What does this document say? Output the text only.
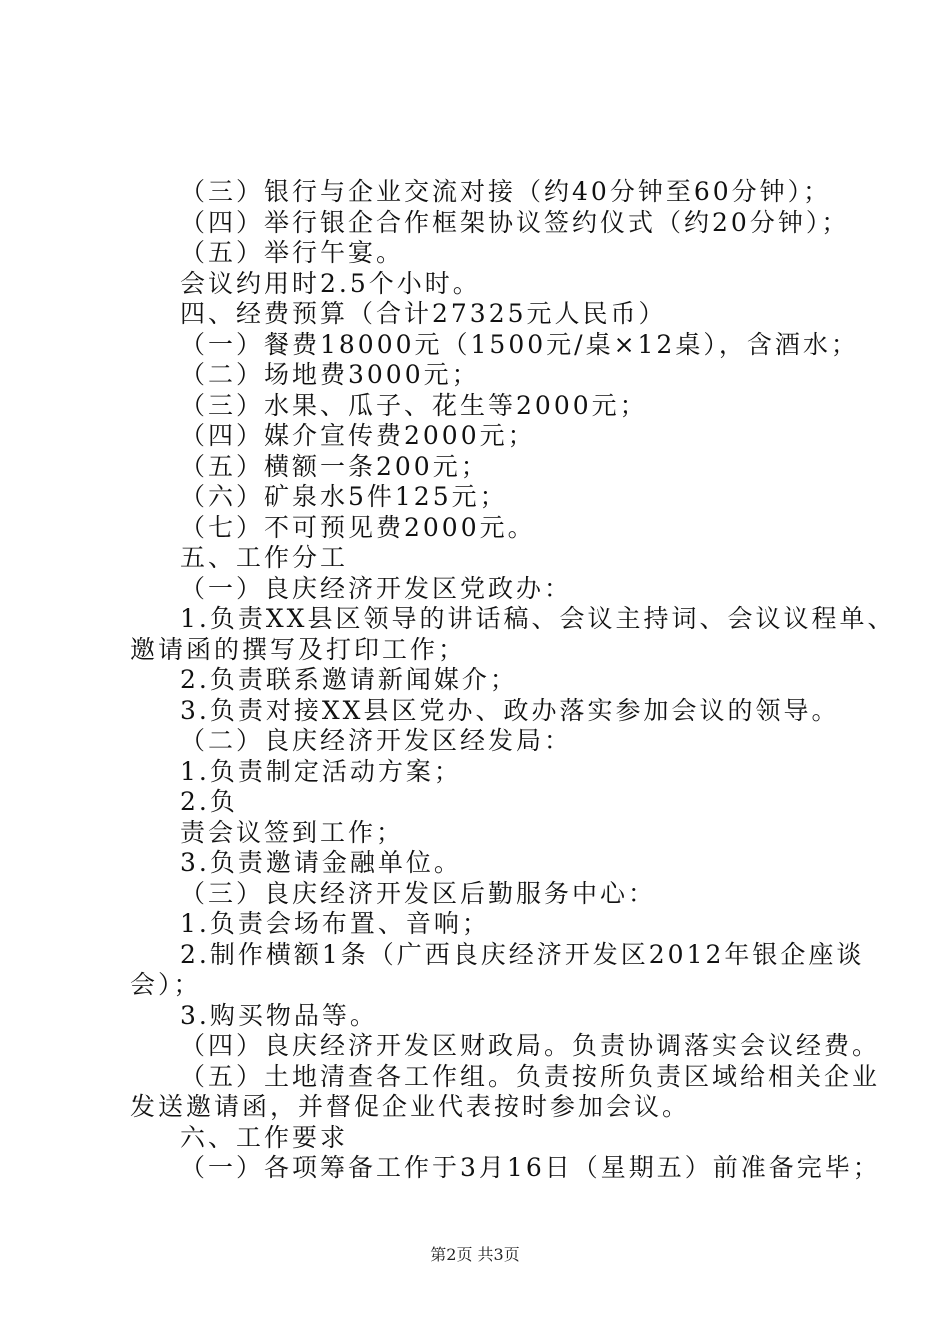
（三）银行与企业交流对接（约40分钟至60分钟）；
（四）举行银企合作框架协议签约仪式（约20分钟）；
（五）举行午宴。
会议约用时2.5个小时。
四、经费预算（合计27325元人民币）
（一）餐费18000元（1500元/桌×12桌），含酒水；
（二）场地费3000元；
（三）水果、瓜子、花生等2000元；
（四）媒介宣传费2000元；
（五）横额一条200元；
（六）矿泉水5件125元；
（七）不可预见费2000元。
五、工作分工
（一）良庆经济开发区党政办：
1.负责XX县区领导的讲话稿、会议主持词、会议议程单、
邀请函的撰写及打印工作；
2.负责联系邀请新闻媒介；
3.负责对接XX县区党办、政办落实参加会议的领导。
（二）良庆经济开发区经发局：
1.负责制定活动方案；
2.负
责会议签到工作；
3.负责邀请金融单位。
（三）良庆经济开发区后勤服务中心：
1.负责会场布置、音响；
2.制作横额1条（广西良庆经济开发区2012年银企座谈
会）；
3.购买物品等。
（四）良庆经济开发区财政局。负责协调落实会议经费。
（五）土地清查各工作组。负责按所负责区域给相关企业
发送邀请函，并督促企业代表按时参加会议。
六、工作要求
（一）各项筹备工作于3月16日（星期五）前准备完毕；
第2页 共3页
